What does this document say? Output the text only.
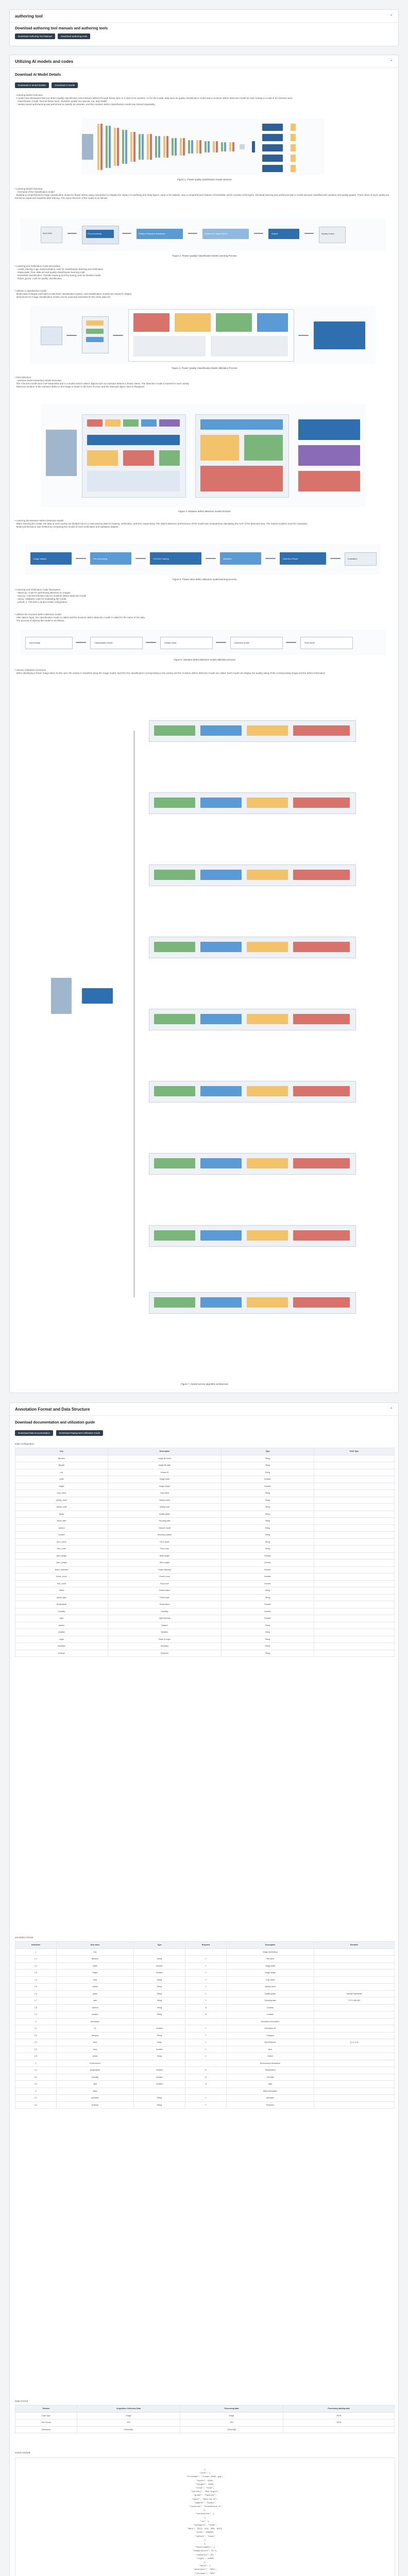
authoring tool	⌃

Download authoring tool manuals and authoring tools

Download Authoring Tool Manual	Download authoring tools
Utilizing AI models and codes	⌃

Download AI Model Details

Download AI Model Details	Download AI Model

- Learning Model Overview
A model was developed that can detect quality classification and moisture defects through flower stem in a total of 53 varieties. As for the model, data such as quality classification model and a moisture defect detection model for each variety in a total of 53 varieties were.
- Classification model: Normal flower stem, classifies quality into special, top, and middle.
- Variety-based split learning was performed to classify 53 varieties, and the moisture defect classification model was trained separately.

Figure 1. Flower quality classification model structure

• Learning Model Overview
- Overview of the classification model
Building a comprehensive image classification model for flower stems using convolution to mitigate the impact of overfitting and deep layers. Input in the dataset, was a comprehensive feature of ResNet50, which consists of 50 layers. Residual learning was performed with a model and was classified with varieties and quality grades. Three times of each variety are trained as equal and classified after training. The exact structure of the model is as follows.

Input data	Pre-processing	Feature Extraction Backbone	ResNet-50 Variant Model	Output	Quality Grade

Figure 2. Flower Quality Classification Model Learning Process

• Learning and Verification Code Description
- model_training: logic implementation code for classification learning and verification
- DataLoader_flow: data set and quality classification learning code
- ResNet50 classification: Transfer learning and fine tuning code for ResNet model
- flower_grade: code for quality classification

• Utilizes a classification model
Model data is largely used with a multi-level classification system, and classification models are trained in stages.
Instructions for image classification results can be used and extracted for the entire data set.

Figure 3. Flower Quality Classification Model Utilization Process

• Pest detection
- Moisture Defect Detection Model Overview
The YOLOv5 model uses CSP Darknet53 and is a model used to detect objects such as moisture defects in flower stems. The detection model is trained for each variety.
Detection location of the moisture defect in the image is drawn in the form of a box and the detected object class is displayed.

Figure 4. Moisture defect detection model structure

• Learning the Moisture Defect Detection Model
When learning the model, the data of each variety are divided into 8:1:1 and used as data for training, verification, and test, respectively. The object detection performance of the model was evaluated by calculating the mAP of the detected area. The trained model is used for evaluation.
Model performance was verified by comparing the results of each verification and validation dataset.

Image dataset	Pre-processing	YOLOv5 Training	Validation	Detection Result	Evaluation

Figure 5. Flower stem defect detection model learning process

• Learning and Verification Code Description
- detect.py: Code for performing detection on images
- train.py: YOLOv5 training code for moisture defect detection model
- val.py: Validation code for evaluating the model
- yolov5_x: YOLOv5 x variant model configuration

• Utilizes the moisture defect detection model
After data is input, the classification model is called and the moisture defect detection model is called for the name of the data.
The process of utilizing the model is as follows.

Input image	Classification model	Variety result	Detection model	Final result

Figure 6. Moisture defect detection model utilization process

• Service Utilization Scenarios
When identifying a flower image taken by the user, the variety is classified using the image model, and then the classification corresponding to the variety and the moisture defect detection model are called. Each model can display the quality rating of the corresponding image and the defect information.

Figure 7. Hybrid service algorithm architecture

Annotation Format and Data Structure	⌃

Download documentation and utilization guide

Download Data Documentation	Download Deployment Utilization Guide

Data Configuration

Key	Description	Type	Field Type
filename	Image file name	String	
filepath	Image file path	String	
uid	Unique ID	String	
width	Image width	Number	
height	Image height	Number	
crop_name	Crop name	String	
variety_name	Variety name	String	
variety_code	Variety code	String	
grade	Quality grade	String	
shoot_date	Shooting date	String	
camera	Camera model	String	
location	Shooting location	String	
farm_name	Farm name	String	
farm_code	Farm code	String	
stem_length	Stem length	Number	
stem_weight	Stem weight	Number	
flower_diameter	Flower diameter	Number	
flower_count	Flower count	Number	
bud_count	Bud count	Number	
defect	Defect status	String	
defect_type	Defect type	String	
temperature	Temperature	Number	
humidity	Humidity	Number	
light	Light intensity	Number	
season	Season	String	
weather	Weather	String	
origin	Place of origin	String	
annotator	Annotator	String	
reviewer	Reviewer	String	

annotation format

Indication	Item name	Type	Required	Description	Remarks
1	Info			Image information	
1-1	filename	String	Y	File name	
1-2	width	Number	Y	Image width	
1-3	height	Number	Y	Image height	
1-4	crop	String	Y	Crop name	
1-5	variety	String	Y	Variety name	
1-6	grade	String	Y	Quality grade	Special/Top/Middle
1-7	date	String	Y	Shooting date	YYYY-MM-DD
1-8	camera	String	N	Camera	
1-9	location	String	N	Location	
2	Annotation			Annotation information	
2-1	id	Number	Y	Annotation ID	
2-2	category	String	Y	Category	
2-3	bbox	Array	Y	Bounding box	[x, y, w, h]
2-4	area	Number	Y	Area	
2-5	defect	String	Y	Defect	
3	Environment			Environment information	
3-1	temperature	Number	N	Temperature	
3-2	humidity	Number	N	Humidity	
3-3	light	Number	N	Light	
4	Meta			Meta information	
4-1	annotator	String	Y	Annotator	
4-2	reviewer	String	Y	Reviewer	

Data Format

Division	Acquisition Collection Data	Processing data	Processing labeling data
Data Type	Image	Image	JSON
File Format	JPG	JPG	JSON
Resolution	1920x1080	1920x1080	-

actual example

{
"info": {
"filename": "flower_0001.jpg",
"width": 1920,
"height": 1080,
"crop": "rose",
"variety": "Red Eagle",
"grade": "Special",
"date": "2021-09-15",
"camera": "Canon",
"location": "Greenhouse A"
},
"annotation": [
{
"id": 1,
"category": "stem",
"bbox": [512, 104, 380, 910],
"area": 345800,
"defect": "none"
}
],
"environment": {
"temperature": 22.5,
"humidity": 65,
"light": 12000
},
"meta": {
"annotator": "A01",
"reviewer": "R01"
